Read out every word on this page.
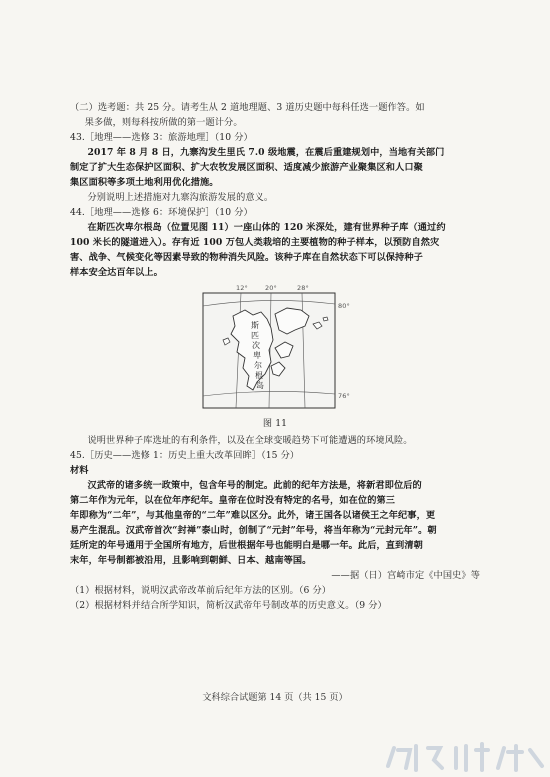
（二）选考题：共 25 分。请考生从 2 道地理题、3 道历史题中每科任选一题作答。如

果多做，则每科按所做的第一题计分。

43.［地理——选修 3：旅游地理］（10 分）

2017 年 8 月 8 日，九寨沟发生里氏 7.0 级地震，在震后重建规划中，当地有关部门

制定了扩大生态保护区面积、扩大农牧发展区面积、适度减少旅游产业聚集区和人口聚

集区面积等多项土地利用优化措施。

分别说明上述措施对九寨沟旅游发展的意义。

44.［地理——选修 6：环境保护］（10 分）

在斯匹次卑尔根岛（位置见图 11）一座山体的 120 米深处，建有世界种子库（通过约

100 米长的隧道进入）。存有近 100 万包人类栽培的主要植物的种子样本，以预防自然灾

害、战争、气候变化等因素导致的物种消失风险。该种子库在自然状态下可以保持种子

样本安全达百年以上。

12°	20°	28°
斯
匹
次
卑
尔
根
岛
80°
76°
图 11

说明世界种子库选址的有利条件，以及在全球变暖趋势下可能遭遇的环境风险。

45.［历史——选修 1：历史上重大改革回眸］（15 分）

材料

汉武帝的诸多统一政策中，包含年号的制定。此前的纪年方法是，将新君即位后的

第二年作为元年，以在位年序纪年。皇帝在位时没有特定的名号，如在位的第三

年即称为“二年”，与其他皇帝的“二年”难以区分。此外，诸王国各以诸侯王之年纪事，更

易产生混乱。汉武帝首次“封禅”泰山时，创制了“元封”年号，将当年称为“元封元年”。朝

廷所定的年号通用于全国所有地方，后世根据年号也能明白是哪一年。此后，直到清朝

末年，年号制都被沿用，且影响到朝鲜、日本、越南等国。

——据（日）宫崎市定《中国史》等

（1）根据材料，说明汉武帝改革前后纪年方法的区别。（6 分）

（2）根据材料并结合所学知识，简析汉武帝年号制改革的历史意义。（9 分）

文科综合试题第 14 页（共 15 页）
